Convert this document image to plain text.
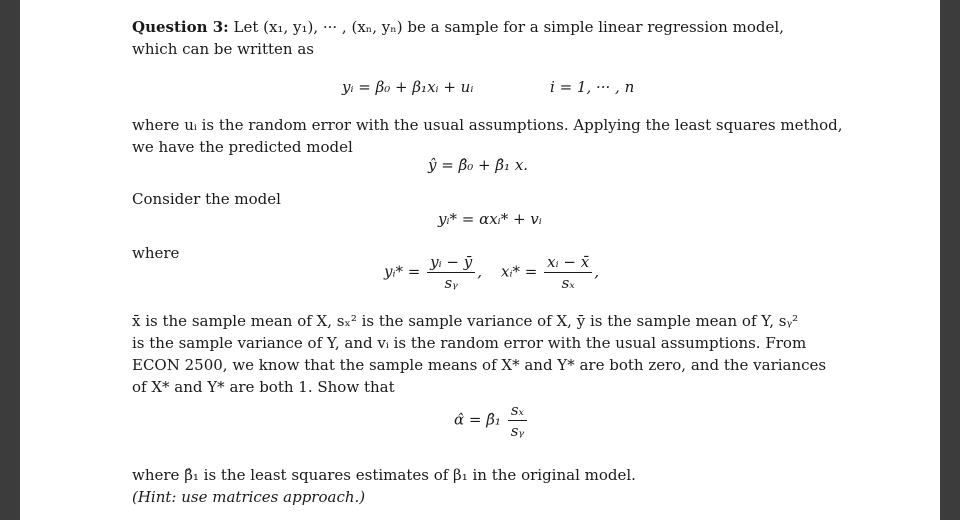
Question 3: Let (x₁, y₁), ··· , (xₙ, yₙ) be a sample for a simple linear regression model,
which can be written as
yᵢ = β₀ + β₁xᵢ + uᵢ	i = 1, ··· , n
where uᵢ is the random error with the usual assumptions. Applying the least squares method,
we have the predicted model
ŷ = β̂₀ + β̂₁ x.
Consider the model
yᵢ* = αxᵢ* + vᵢ
where
yᵢ* = $\frac{\text{yᵢ − ȳ}}{\text{sᵧ}}$ , xᵢ* = $\frac{\text{xᵢ − x̄}}{\text{sₓ}}$ ,
x̄ is the sample mean of X, sₓ² is the sample variance of X, ȳ is the sample mean of Y, sᵧ²
is the sample variance of Y, and vᵢ is the random error with the usual assumptions. From
ECON 2500, we know that the sample means of X* and Y* are both zero, and the variances
of X* and Y* are both 1. Show that
α̂ = β̂₁ $\frac{\text{sₓ}}{\text{sᵧ}}$
where β̂₁ is the least squares estimates of β₁ in the original model.
(Hint: use matrices approach.)
